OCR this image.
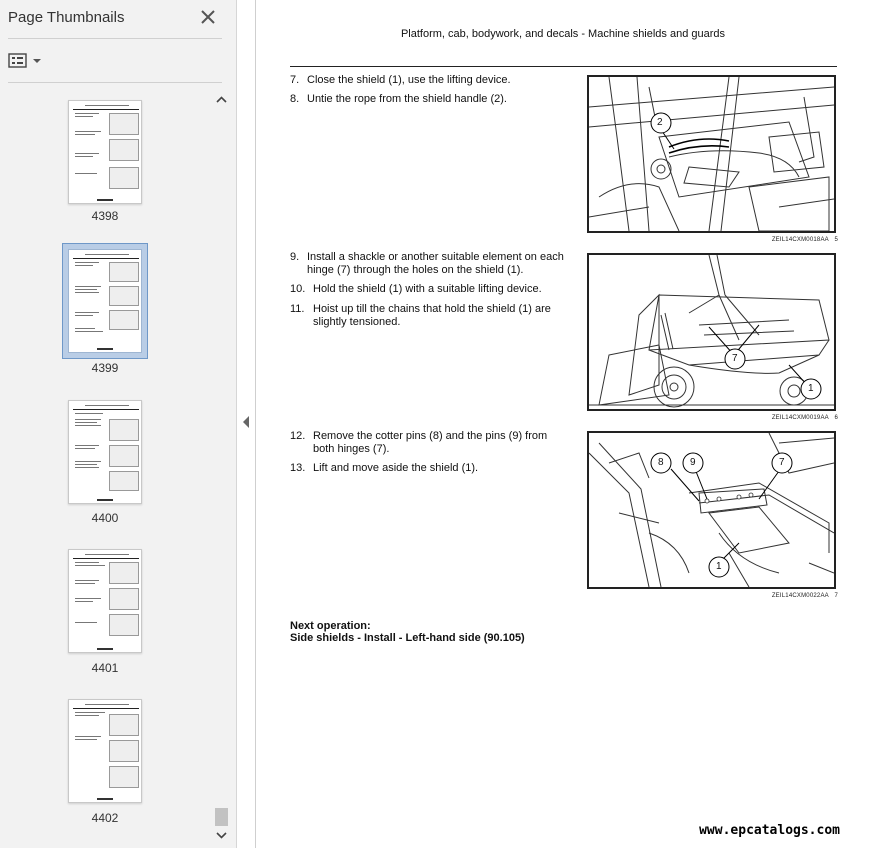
Page Thumbnails
4398
4399
4400
4401
4402
Platform, cab, bodywork, and decals - Machine shields and guards
7. Close the shield (1), use the lifting device.
8. Untie the rope from the shield handle (2).
2
ZEIL14CXM0018AA 5
9. Install a shackle or another suitable element on each hinge (7) through the holes on the shield (1).
10. Hold the shield (1) with a suitable lifting device.
11. Hoist up till the chains that hold the shield (1) are slightly tensioned.
7
1
ZEIL14CXM0019AA 6
12. Remove the cotter pins (8) and the pins (9) from both hinges (7).
13. Lift and move aside the shield (1).	8	9	7
1
ZEIL14CXM0022AA 7
Next operation:
Side shields - Install - Left-hand side (90.105)
www.epcatalogs.com
